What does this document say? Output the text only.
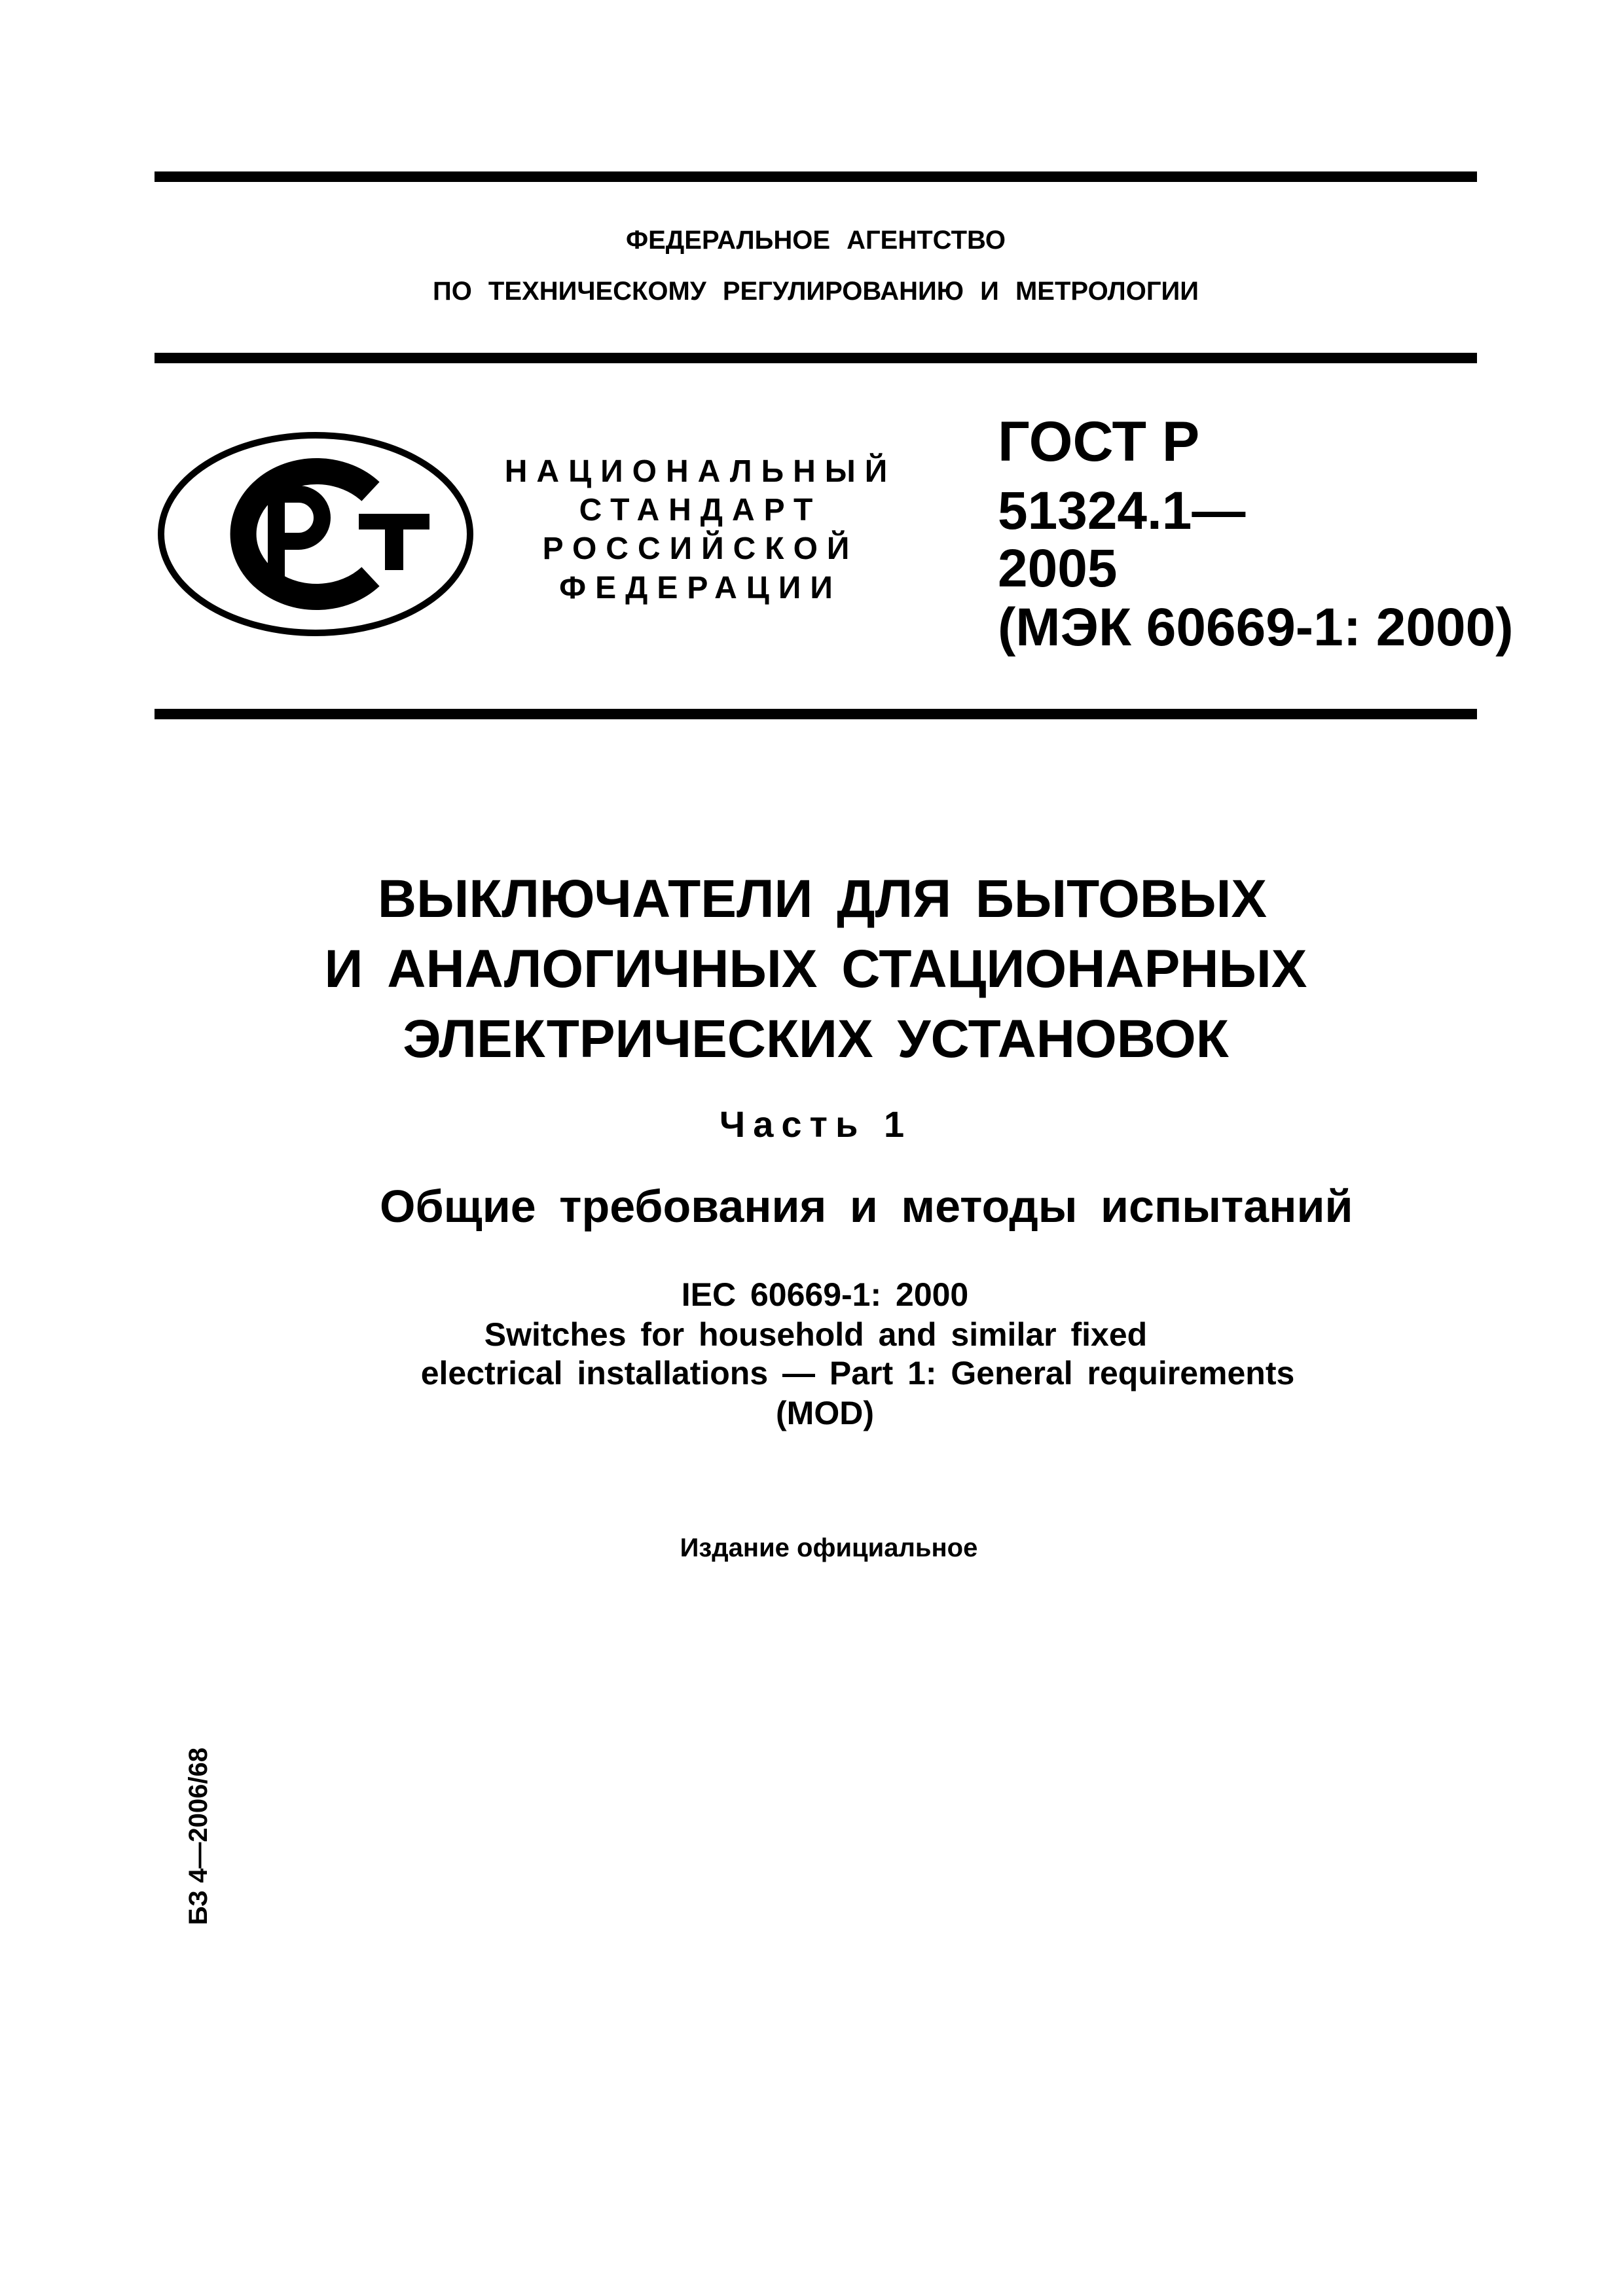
ФЕДЕРАЛЬНОЕ АГЕНТСТВО
ПО ТЕХНИЧЕСКОМУ РЕГУЛИРОВАНИЮ И МЕТРОЛОГИИ
НАЦИОНАЛЬНЫЙ
СТАНДАРТ
РОССИЙСКОЙ
ФЕДЕРАЦИИ
ГОСТ Р
51324.1—
2005
(МЭК 60669-1: 2000)
ВЫКЛЮЧАТЕЛИ ДЛЯ БЫТОВЫХ
И АНАЛОГИЧНЫХ СТАЦИОНАРНЫХ
ЭЛЕКТРИЧЕСКИХ УСТАНОВОК
Часть 1
Общие требования и методы испытаний
IEC 60669-1: 2000
Switches for household and similar fixed
electrical installations — Part 1: General requirements
(MOD)
Издание официальное
БЗ 4—2006/68
